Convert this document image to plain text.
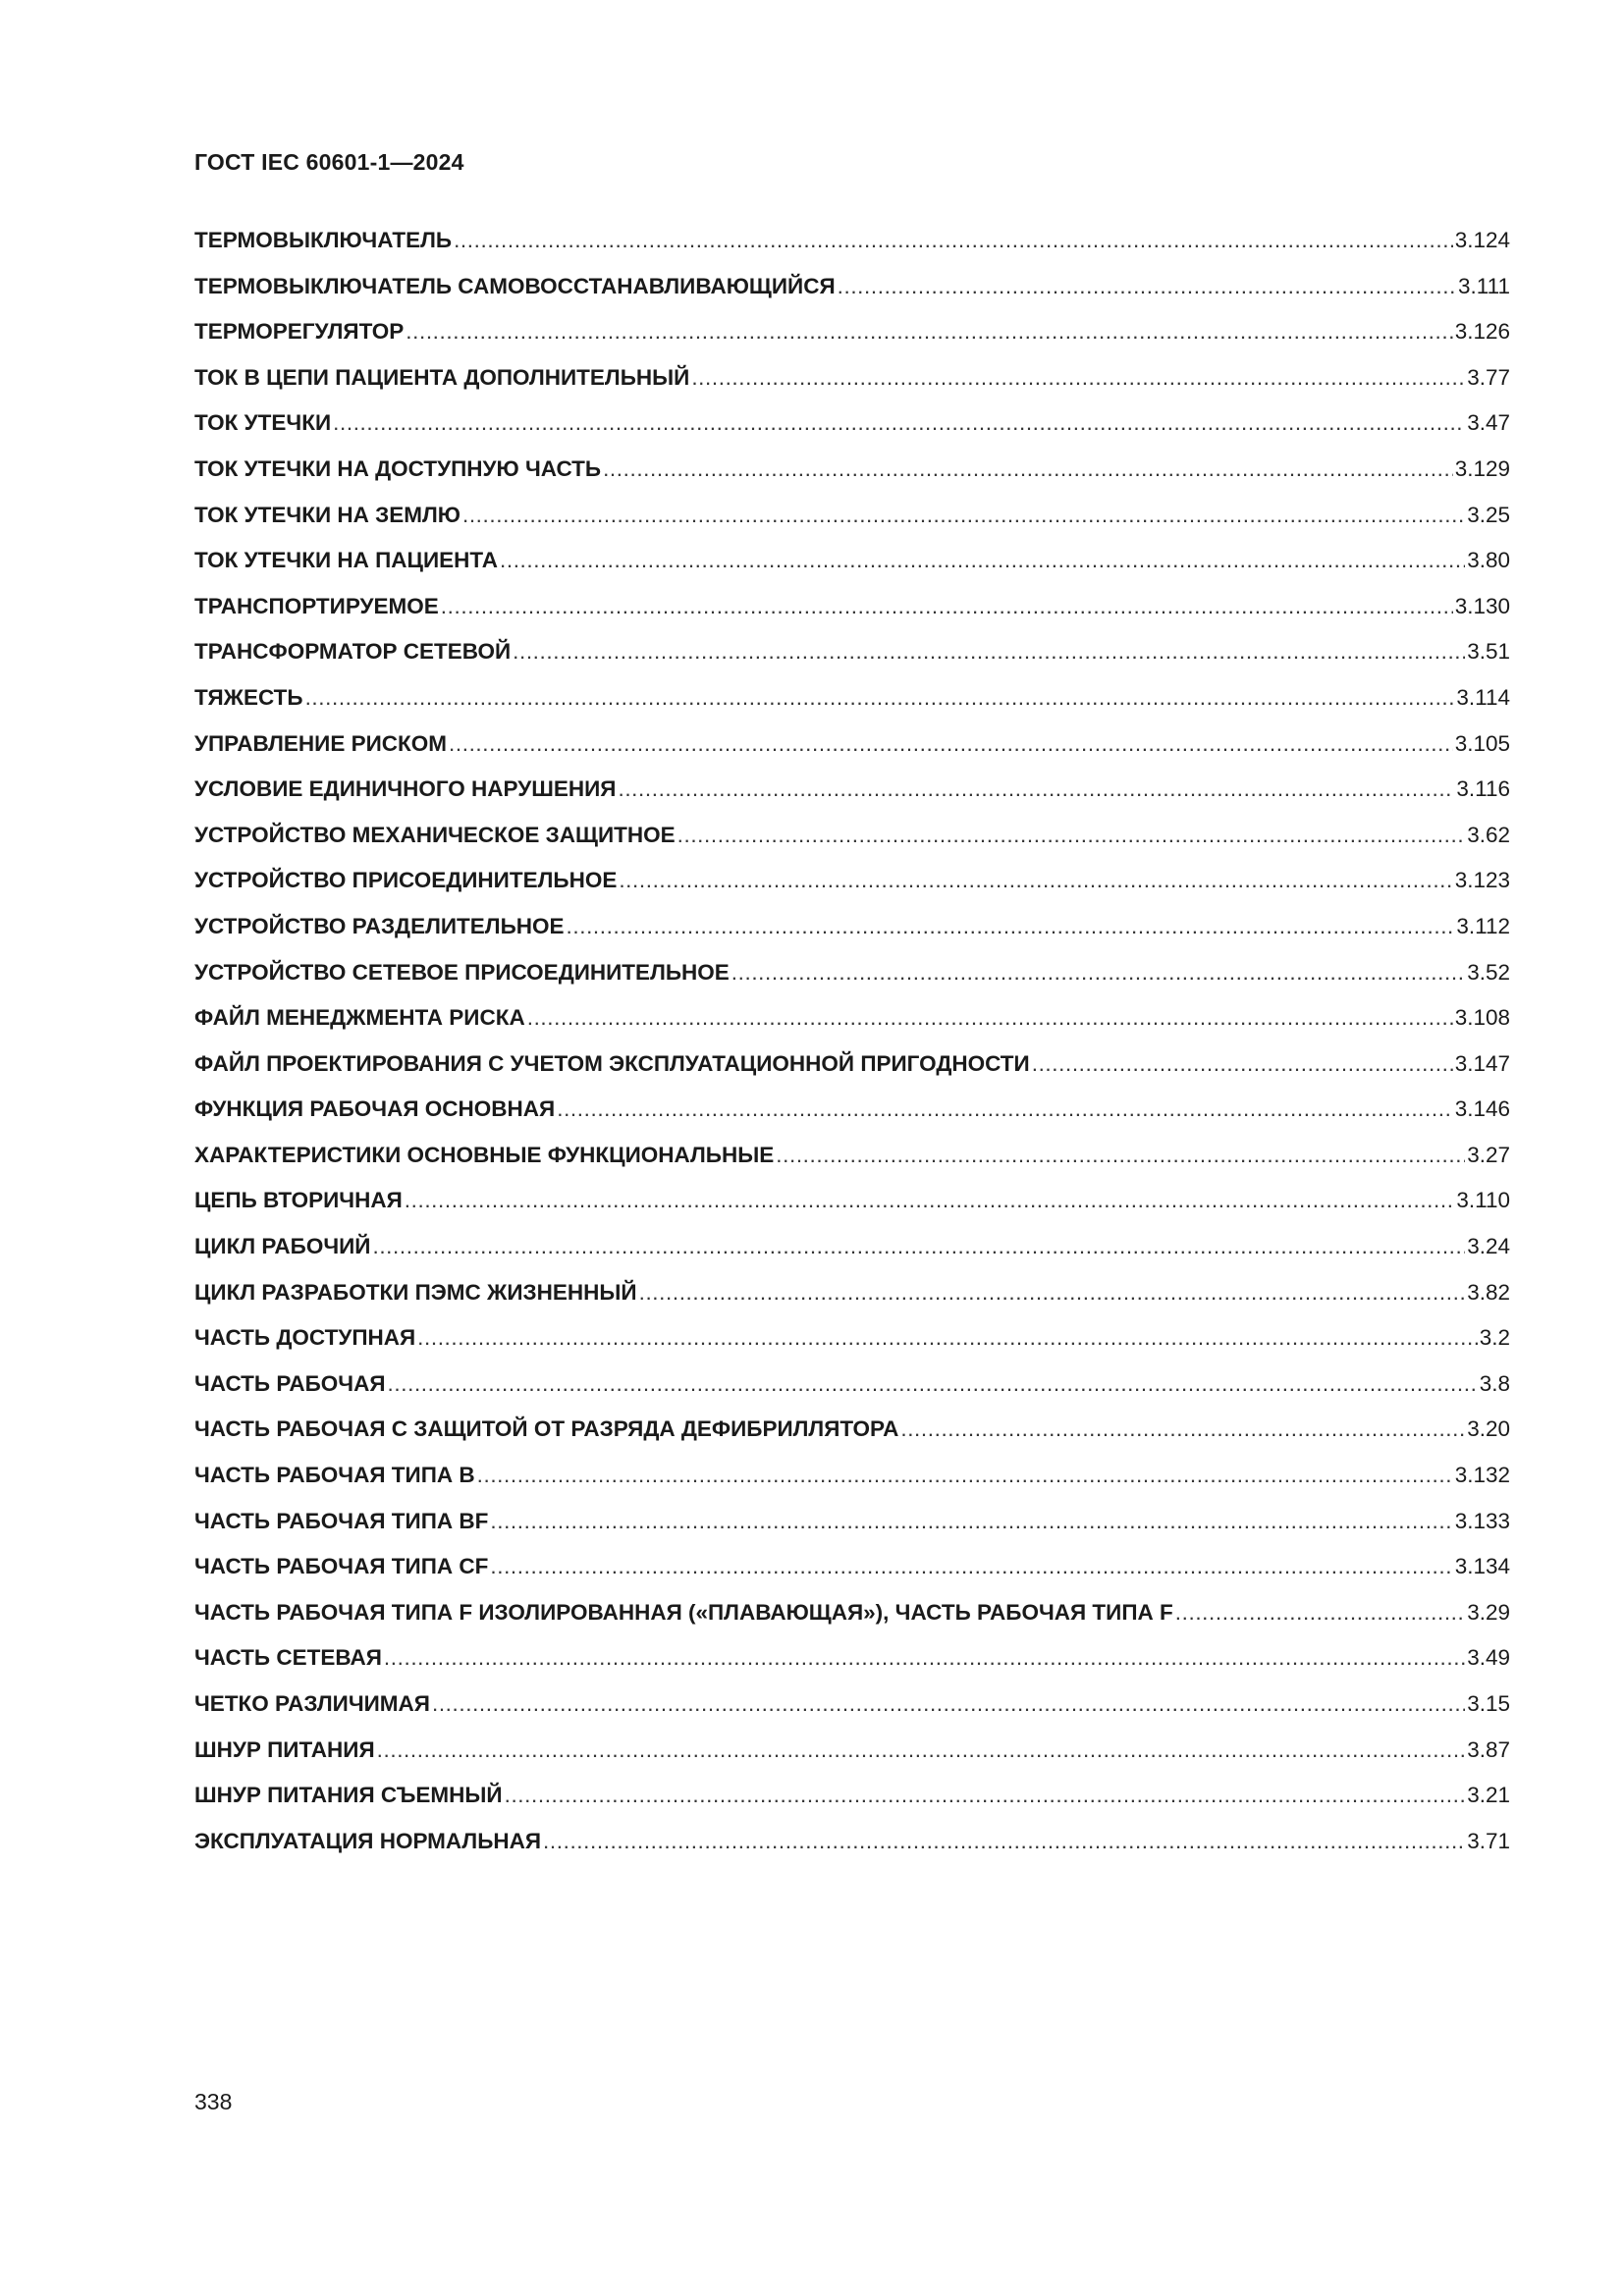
ГОСТ IEC 60601-1—2024
ТЕРМОВЫКЛЮЧАТЕЛЬ .....	3.124
ТЕРМОВЫКЛЮЧАТЕЛЬ САМОВОССТАНАВЛИВАЮЩИЙСЯ .....	3.111
ТЕРМОРЕГУЛЯТОР .....	3.126
ТОК В ЦЕПИ ПАЦИЕНТА ДОПОЛНИТЕЛЬНЫЙ .....	3.77
ТОК УТЕЧКИ .....	3.47
ТОК УТЕЧКИ НА ДОСТУПНУЮ ЧАСТЬ .....	3.129
ТОК УТЕЧКИ НА ЗЕМЛЮ .....	3.25
ТОК УТЕЧКИ НА ПАЦИЕНТА .....	3.80
ТРАНСПОРТИРУЕМОЕ .....	3.130
ТРАНСФОРМАТОР СЕТЕВОЙ .....	3.51
ТЯЖЕСТЬ .....	3.114
УПРАВЛЕНИЕ РИСКОМ .....	3.105
УСЛОВИЕ ЕДИНИЧНОГО НАРУШЕНИЯ .....	3.116
УСТРОЙСТВО МЕХАНИЧЕСКОЕ ЗАЩИТНОЕ .....	3.62
УСТРОЙСТВО ПРИСОЕДИНИТЕЛЬНОЕ .....	3.123
УСТРОЙСТВО РАЗДЕЛИТЕЛЬНОЕ .....	3.112
УСТРОЙСТВО СЕТЕВОЕ ПРИСОЕДИНИТЕЛЬНОЕ .....	3.52
ФАЙЛ МЕНЕДЖМЕНТА РИСКА .....	3.108
ФАЙЛ ПРОЕКТИРОВАНИЯ С УЧЕТОМ ЭКСПЛУАТАЦИОННОЙ ПРИГОДНОСТИ .....	3.147
ФУНКЦИЯ РАБОЧАЯ ОСНОВНАЯ .....	3.146
ХАРАКТЕРИСТИКИ ОСНОВНЫЕ ФУНКЦИОНАЛЬНЫЕ .....	3.27
ЦЕПЬ ВТОРИЧНАЯ .....	3.110
ЦИКЛ РАБОЧИЙ .....	3.24
ЦИКЛ РАЗРАБОТКИ ПЭМС ЖИЗНЕННЫЙ .....	3.82
ЧАСТЬ ДОСТУПНАЯ .....	3.2
ЧАСТЬ РАБОЧАЯ .....	3.8
ЧАСТЬ РАБОЧАЯ С ЗАЩИТОЙ ОТ РАЗРЯДА ДЕФИБРИЛЛЯТОРА .....	3.20
ЧАСТЬ РАБОЧАЯ ТИПА В .....	3.132
ЧАСТЬ РАБОЧАЯ ТИПА BF .....	3.133
ЧАСТЬ РАБОЧАЯ ТИПА CF .....	3.134
ЧАСТЬ РАБОЧАЯ ТИПА F ИЗОЛИРОВАННАЯ («ПЛАВАЮЩАЯ»), ЧАСТЬ РАБОЧАЯ ТИПА F .....	3.29
ЧАСТЬ СЕТЕВАЯ .....	3.49
ЧЕТКО РАЗЛИЧИМАЯ .....	3.15
ШНУР ПИТАНИЯ .....	3.87
ШНУР ПИТАНИЯ СЪЕМНЫЙ .....	3.21
ЭКСПЛУАТАЦИЯ НОРМАЛЬНАЯ .....	3.71
338
